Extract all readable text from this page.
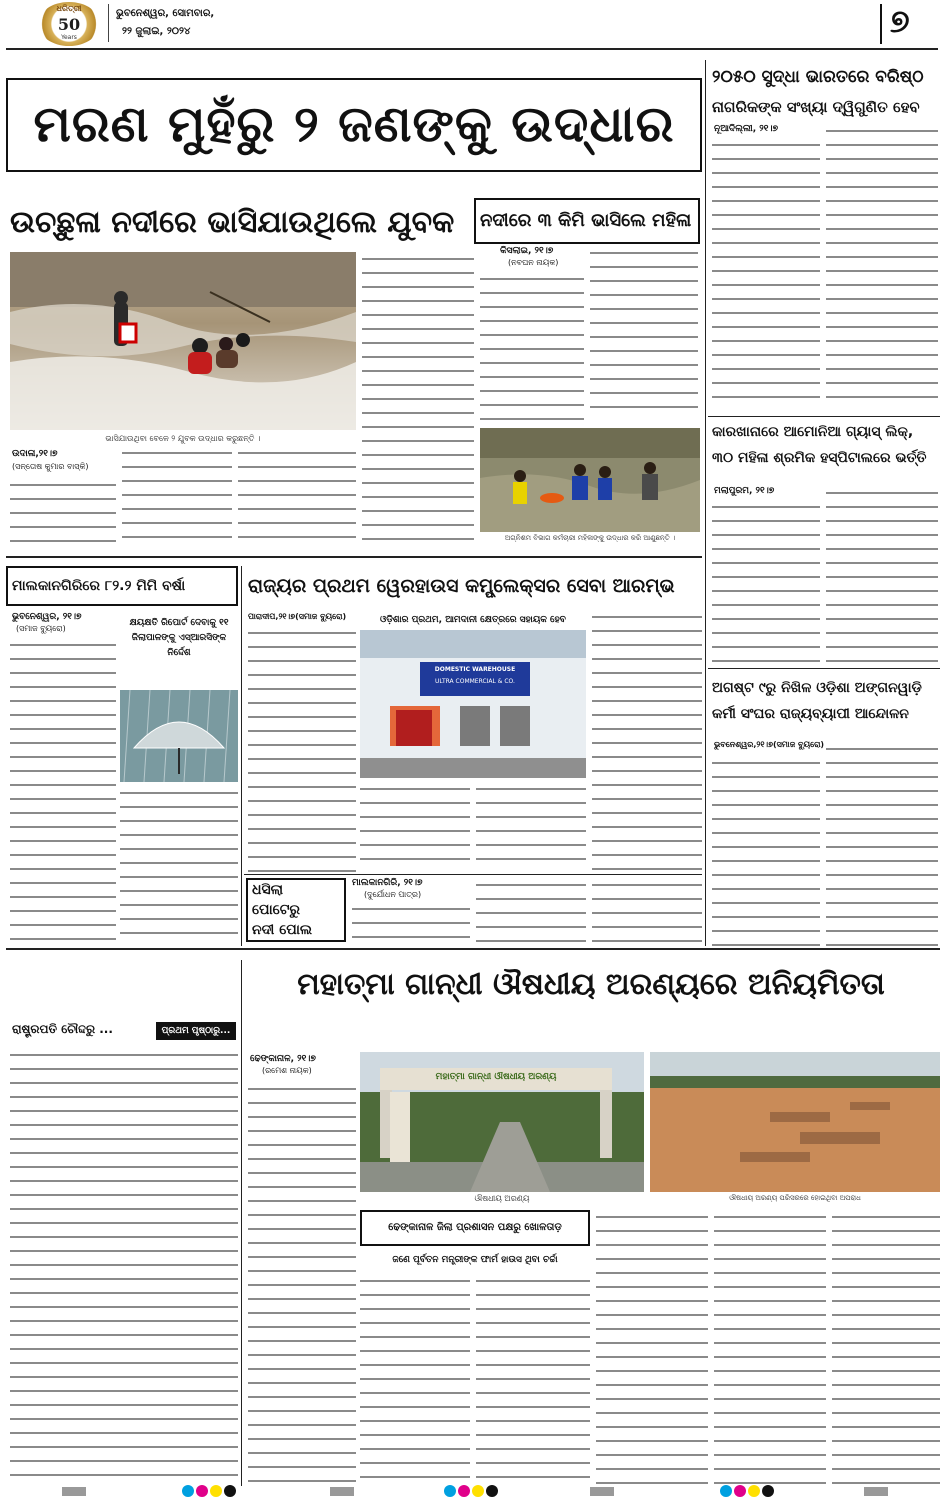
ଧରିତ୍ରୀ
50
Years
ଭୁବନେଶ୍ୱର, ସୋମବାର,
୨୨ ଜୁଲାଇ, ୨୦୨୪	୭
ମରଣ ମୁହଁରୁ ୨ ଜଣଙ୍କୁ ଉଦ୍ଧାର
ଉଚ୍ଛୁଳା ନଦୀରେ ଭାସିଯାଉଥିଲେ ଯୁବକ	ନଦୀରେ ୩ କିମି ଭାସିଲେ ମହିଳା
ଭାସିଯାଉଥିବା ବେଳେ ୨ ଯୁବକ ଉଦ୍ଧାର କରୁଛନ୍ତି ।
ଉଦାଳା,୨୧।୭
(ସନ୍ତୋଷ କୁମାର ବାସ୍କି)
କିସଲାଇ, ୨୧।୭
(ନବଘନ ନାୟକ)
ଅଗ୍ନିଶମ ବିଭାଗ କର୍ମଚାରୀ ମହିଳାଙ୍କୁ ଉଦ୍ଧାର କରି ଆଣୁଛନ୍ତି ।
୨୦୫୦ ସୁଦ୍ଧା ଭାରତରେ ବରିଷ୍ଠ
ନାଗରିକଙ୍କ ସଂଖ୍ୟା ଦ୍ୱିଗୁଣିତ ହେବ
ନୂଆଦିଲ୍ଲୀ, ୨୧।୭
କାରଖାନାରେ ଆମୋନିଆ ଗ୍ୟାସ୍ ଲିକ୍,
୩୦ ମହିଳା ଶ୍ରମିକ ହସ୍ପିଟାଲରେ ଭର୍ତ୍ତି
ମଲାପୁରମ, ୨୧।୭
ଅଗଷ୍ଟ ୯ରୁ ନିଖିଳ ଓଡ଼ିଶା ଅଙ୍ଗନୱାଡ଼ି
କର୍ମୀ ସଂଘର ରାଜ୍ୟବ୍ୟାପୀ ଆନ୍ଦୋଳନ
ଭୁବନେଶ୍ୱର,୨୧।୭(ସମାଜ ବ୍ୟୁରୋ)
ମାଲକାନଗିରିରେ ୮୨.୨ ମିମି ବର୍ଷା
ଭୁବନେଶ୍ୱର, ୨୧।୭
(ସମାଜ ବ୍ୟୁରୋ)
କ୍ଷୟକ୍ଷତି ରିପୋର୍ଟ ଦେବାକୁ ୧୧ ଜିଲାପାଳଙ୍କୁ ଏସ୍‌ଆରସିଙ୍କ ନିର୍ଦ୍ଦେଶ
ରାଜ୍ୟର ପ୍ରଥମ ୱେରହାଉସ କମ୍ପ୍ଲେକ୍ସର ସେବା ଆରମ୍ଭ
ପାରାଦୀପ,୨୧।୭(ସମାଜ ବ୍ୟୁରୋ)	ଓଡ଼ିଶାର ପ୍ରଥମ, ଆମଦାନୀ କ୍ଷେତ୍ରରେ ସହାୟକ ହେବ
DOMESTIC WAREHOUSE
ULTRA COMMERCIAL & CO.
ଧସିଲା
ପୋଟେରୁ
ନଦୀ ପୋଲ
ମାଲକାନଗିରି, ୨୧।୭
(ଦୁର୍ଯୋଧନ ପାତ୍ର)
ମହାତ୍ମା ଗାନ୍ଧୀ ଔଷଧୀୟ ଅରଣ୍ୟରେ ଅନିୟମିତତା
ଢେଙ୍କାନାଳ, ୨୧।୭
(ରମେଶ ନାୟକ)
ମହାତ୍ମା ଗାନ୍ଧୀ ଔଷଧୀୟ ଅରଣ୍ୟ
ଔଷଧୀୟ ଅରଣ୍ୟ	ଔଷଧୀୟ ଅରଣ୍ୟ ପରିସରରେ ହୋଇଥିବା ଅପରାଧ
ଢେଙ୍କାନାଳ ଜିଲା ପ୍ରଶାସନ ପକ୍ଷରୁ ଖୋଳତାଡ଼
ଜଣେ ପୂର୍ବତନ ମନ୍ତ୍ରୀଙ୍କ ଫାର୍ମ ହାଉସ ଥିବା ଚର୍ଚ୍ଚା
ରାଷ୍ଟ୍ରପତି ଚୌଦ୍ଦରୁ ...	ପ୍ରଥମ ପୃଷ୍ଠାରୁ...
